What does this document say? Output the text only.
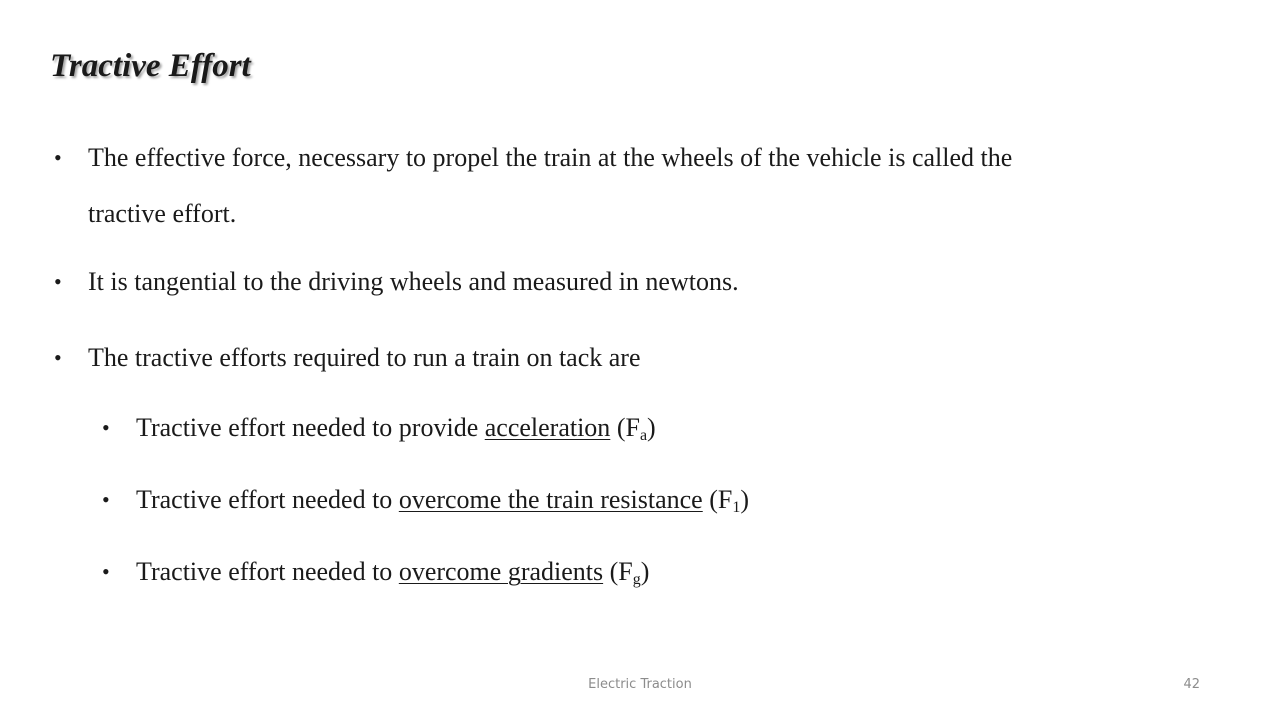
Tractive Effort
• The effective force, necessary to propel the train at the wheels of the vehicle is called the
tractive effort.
• It is tangential to the driving wheels and measured in newtons.
• The tractive efforts required to run a train on tack are
• Tractive effort needed to provide acceleration $(F_a)$
• Tractive effort needed to overcome the train resistance $(F_1)$
• Tractive effort needed to overcome gradients $(F_g)$
Electric Traction	42
